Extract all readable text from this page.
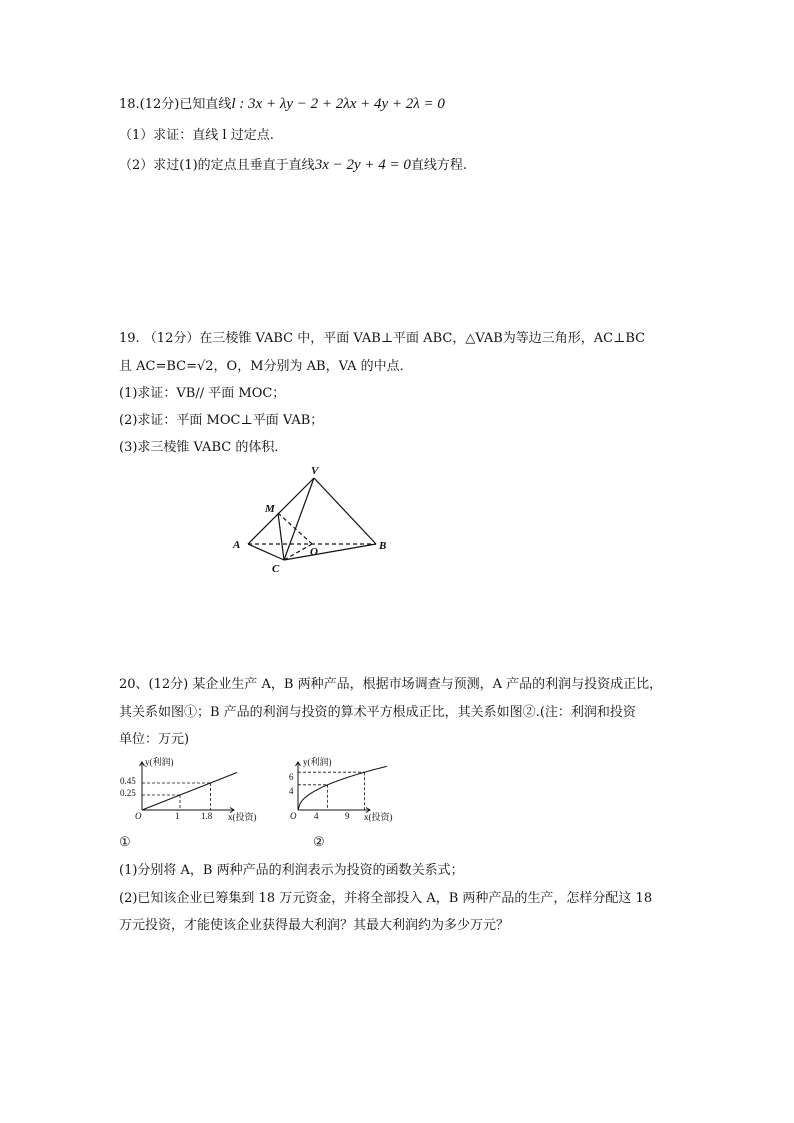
18.(12分)已知直线l : 3x + λy − 2 + 2λx + 4y + 2λ = 0
（1）求证：直线 l 过定点.
（2）求过(1)的定点且垂直于直线3x − 2y + 4 = 0直线方程.
19. （12分）在三棱锥 VABC 中，平面 VAB⊥平面 ABC，△VAB为等边三角形，AC⊥BC
且 AC=BC=√2，O，M分别为 AB，VA 的中点．
(1)求证：VB// 平面 MOC；
(2)求证：平面 MOC⊥平面 VAB；
(3)求三棱锥 VABC 的体积．
V
M
A
O	B
C
20、(12分) 某企业生产 A，B 两种产品，根据市场调查与预测，A 产品的利润与投资成正比，
其关系如图①；B 产品的利润与投资的算术平方根成正比，其关系如图②.(注：利润和投资
单位：万元)
y(利润)
x(投资)
O
0.25
0.45
1 1.8
y(利润)
x(投资)
O
4
6
4	9
①	②
(1)分别将 A，B 两种产品的利润表示为投资的函数关系式；
(2)已知该企业已筹集到 18 万元资金，并将全部投入 A，B 两种产品的生产，怎样分配这 18
万元投资，才能使该企业获得最大利润？其最大利润约为多少万元？
